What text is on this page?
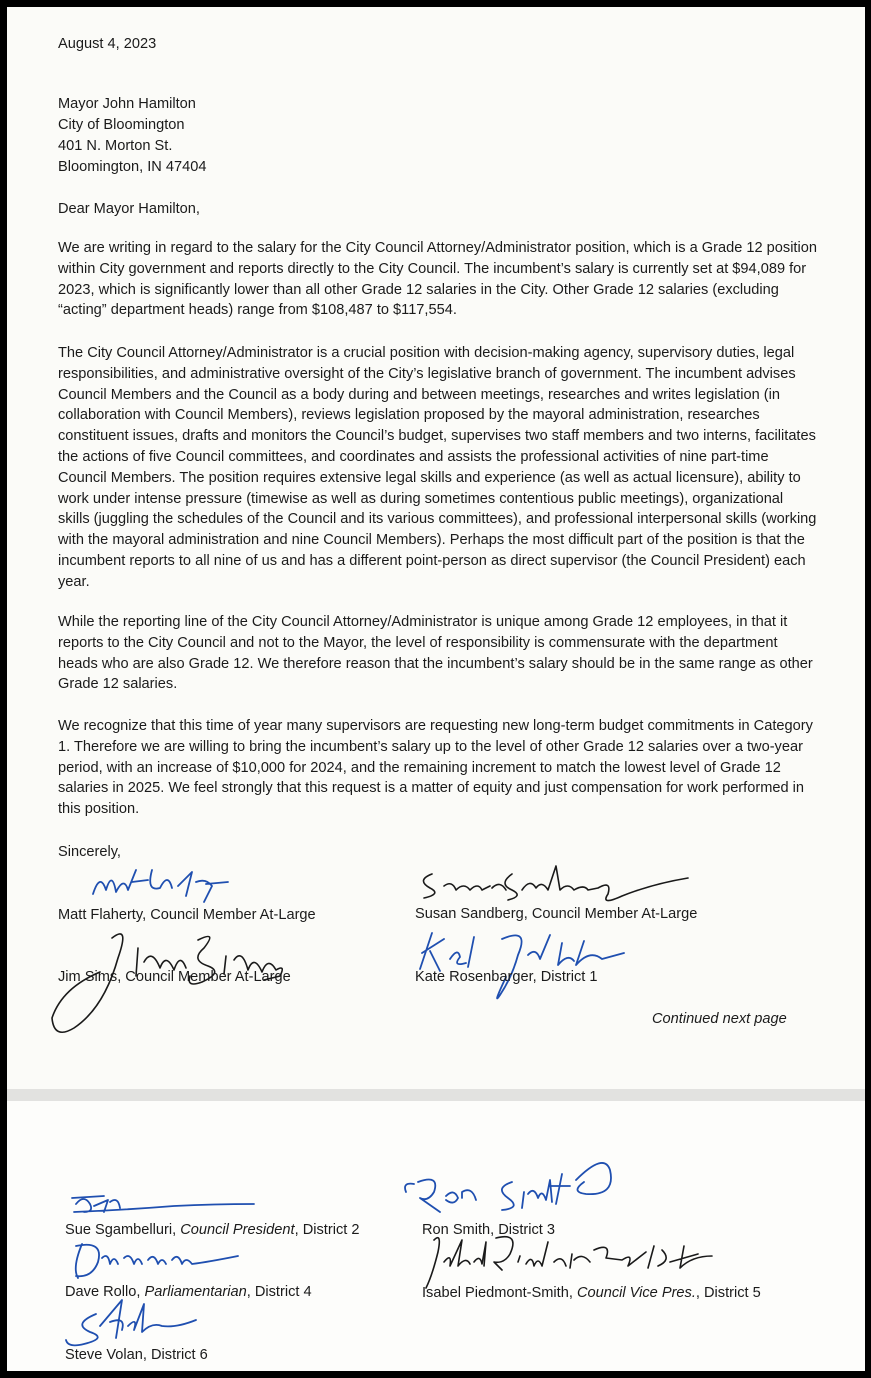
August 4, 2023
Mayor John Hamilton
City of Bloomington
401 N. Morton St.
Bloomington, IN 47404
Dear Mayor Hamilton,
We are writing in regard to the salary for the City Council Attorney/Administrator position, which is a Grade 12 position within City government and reports directly to the City Council. The incumbent’s salary is currently set at $94,089 for 2023, which is significantly lower than all other Grade 12 salaries in the City. Other Grade 12 salaries (excluding “acting” department heads) range from $108,487 to $117,554.
The City Council Attorney/Administrator is a crucial position with decision-making agency, supervisory duties, legal responsibilities, and administrative oversight of the City’s legislative branch of government. The incumbent advises Council Members and the Council as a body during and between meetings, researches and writes legislation (in collaboration with Council Members), reviews legislation proposed by the mayoral administration, researches constituent issues, drafts and monitors the Council’s budget, supervises two staff members and two interns, facilitates the actions of five Council committees, and coordinates and assists the professional activities of nine part-time Council Members. The position requires extensive legal skills and experience (as well as actual licensure), ability to work under intense pressure (timewise as well as during sometimes contentious public meetings), organizational skills (juggling the schedules of the Council and its various committees), and professional interpersonal skills (working with the mayoral administration and nine Council Members). Perhaps the most difficult part of the position is that the incumbent reports to all nine of us and has a different point-person as direct supervisor (the Council President) each year.
While the reporting line of the City Council Attorney/Administrator is unique among Grade 12 employees, in that it reports to the City Council and not to the Mayor, the level of responsibility is commensurate with the department heads who are also Grade 12. We therefore reason that the incumbent’s salary should be in the same range as other Grade 12 salaries.
We recognize that this time of year many supervisors are requesting new long-term budget commitments in Category 1. Therefore we are willing to bring the incumbent’s salary up to the level of other Grade 12 salaries over a two-year period, with an increase of $10,000 for 2024, and the remaining increment to match the lowest level of Grade 12 salaries in 2025. We feel strongly that this request is a matter of equity and just compensation for work performed in this position.
Sincerely,
Matt Flaherty, Council Member At-Large	Susan Sandberg, Council Member At-Large
Jim Sims, Council Member At-Large	Kate Rosenbarger, District 1
Continued next page
Sue Sgambelluri, Council President, District 2	Ron Smith, District 3
Dave Rollo, Parliamentarian, District 4	Isabel Piedmont-Smith, Council Vice Pres., District 5
Steve Volan, District 6
